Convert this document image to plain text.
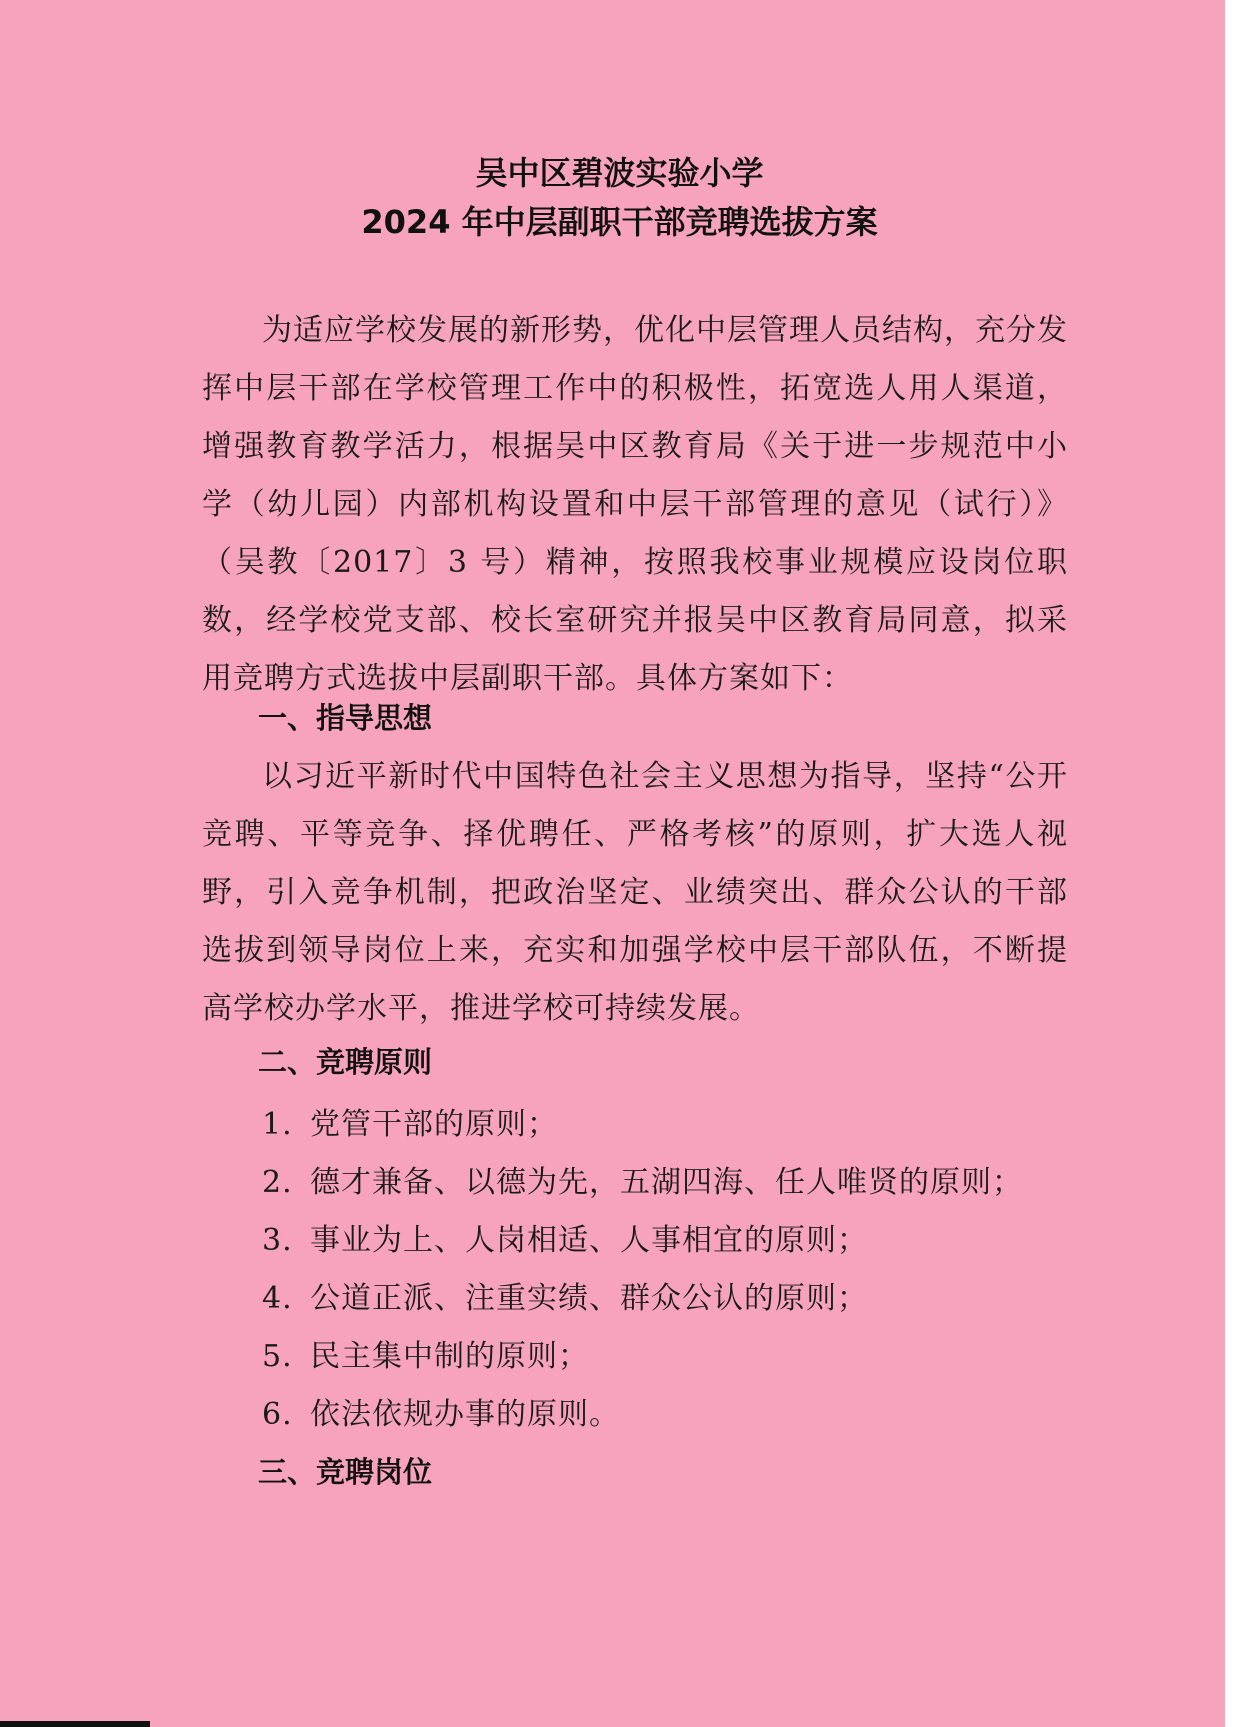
吴中区碧波实验小学
2024 年中层副职干部竞聘选拔方案

为适应学校发展的新形势，优化中层管理人员结构，充分发挥中层干部在学校管理工作中的积极性，拓宽选人用人渠道，增强教育教学活力，根据吴中区教育局《关于进一步规范中小学（幼儿园）内部机构设置和中层干部管理的意见（试行）》（吴教〔2017〕3 号）精神，按照我校事业规模应设岗位职数，经学校党支部、校长室研究并报吴中区教育局同意，拟采用竞聘方式选拔中层副职干部。具体方案如下：

一、指导思想

以习近平新时代中国特色社会主义思想为指导，坚持“公开竞聘、平等竞争、择优聘任、严格考核”的原则，扩大选人视野，引入竞争机制，把政治坚定、业绩突出、群众公认的干部选拔到领导岗位上来，充实和加强学校中层干部队伍，不断提高学校办学水平，推进学校可持续发展。

二、竞聘原则
1. 党管干部的原则；
2. 德才兼备、以德为先，五湖四海、任人唯贤的原则；
3. 事业为上、人岗相适、人事相宜的原则；
4. 公道正派、注重实绩、群众公认的原则；
5. 民主集中制的原则；
6. 依法依规办事的原则。
三、竞聘岗位
